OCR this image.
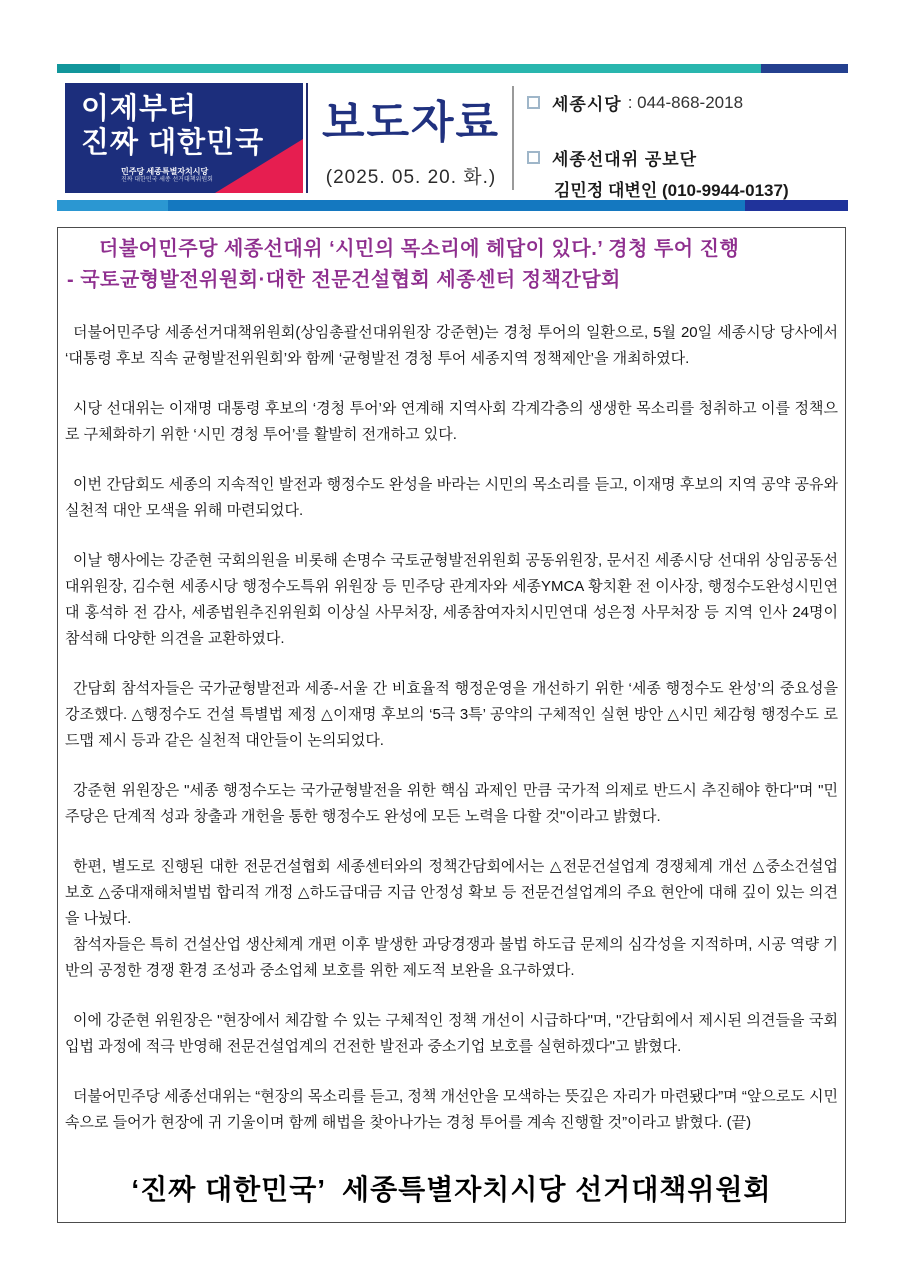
이제부터
진짜 대한민국
민주당 세종특별자치시당
진짜 대한민국 세종 선거대책위원회
보도자료
(2025. 05. 20. 화.)
세종시당 : 044-868-2018
세종선대위 공보단
김민정 대변인 (010-9944-0137)
더불어민주당 세종선대위 ‘시민의 목소리에 헤답이 있다.’ 경청 투어 진행
- 국토균형발전위원회·대한 전문건설협회 세종센터 정책간담회

더불어민주당 세종선거대책위원회(상임총괄선대위원장 강준현)는 경청 투어의 일환으로, 5월 20일 세종시당 당사에서 ‘대통령 후보 직속 균형발전위원회’와 함께 ‘균형발전 경청 투어 세종지역 정책제안’을 개최하였다.

시당 선대위는 이재명 대통령 후보의 ‘경청 투어’와 연계해 지역사회 각계각층의 생생한 목소리를 청취하고 이를 정책으로 구체화하기 위한 ‘시민 경청 투어’를 활발히 전개하고 있다.

이번 간담회도 세종의 지속적인 발전과 행정수도 완성을 바라는 시민의 목소리를 듣고, 이재명 후보의 지역 공약 공유와 실천적 대안 모색을 위해 마련되었다.

이날 행사에는 강준현 국회의원을 비롯해 손명수 국토균형발전위원회 공동위원장, 문서진 세종시당 선대위 상임공동선대위원장, 김수현 세종시당 행정수도특위 위원장 등 민주당 관계자와 세종YMCA 황치환 전 이사장, 행정수도완성시민연대 홍석하 전 감사, 세종법원추진위원회 이상실 사무처장, 세종참여자치시민연대 성은정 사무처장 등 지역 인사 24명이 참석해 다양한 의견을 교환하였다.

간담회 참석자들은 국가균형발전과 세종-서울 간 비효율적 행정운영을 개선하기 위한 ‘세종 행정수도 완성’의 중요성을 강조했다. △행정수도 건설 특별법 제정 △이재명 후보의 ‘5극 3특’ 공약의 구체적인 실현 방안 △시민 체감형 행정수도 로드맵 제시 등과 같은 실천적 대안들이 논의되었다.

강준현 위원장은 "세종 행정수도는 국가균형발전을 위한 핵심 과제인 만큼 국가적 의제로 반드시 추진해야 한다"며 "민주당은 단계적 성과 창출과 개헌을 통한 행정수도 완성에 모든 노력을 다할 것"이라고 밝혔다.

한편, 별도로 진행된 대한 전문건설협회 세종센터와의 정책간담회에서는 △전문건설업계 경쟁체계 개선 △중소건설업 보호 △중대재해처벌법 합리적 개정 △하도급대금 지급 안정성 확보 등 전문건설업계의 주요 현안에 대해 깊이 있는 의견을 나눴다.

참석자들은 특히 건설산업 생산체계 개편 이후 발생한 과당경쟁과 불법 하도급 문제의 심각성을 지적하며, 시공 역량 기반의 공정한 경쟁 환경 조성과 중소업체 보호를 위한 제도적 보완을 요구하였다.

이에 강준현 위원장은 "현장에서 체감할 수 있는 구체적인 정책 개선이 시급하다"며, "간담회에서 제시된 의견들을 국회 입법 과정에 적극 반영해 전문건설업계의 건전한 발전과 중소기업 보호를 실현하겠다"고 밝혔다.

더불어민주당 세종선대위는 “현장의 목소리를 듣고, 정책 개선안을 모색하는 뜻깊은 자리가 마련됐다”며 “앞으로도 시민 속으로 들어가 현장에 귀 기울이며 함께 해법을 찾아나가는 경청 투어를 계속 진행할 것”이라고 밝혔다. (끝)

‘진짜 대한민국’  세종특별자치시당 선거대책위원회
